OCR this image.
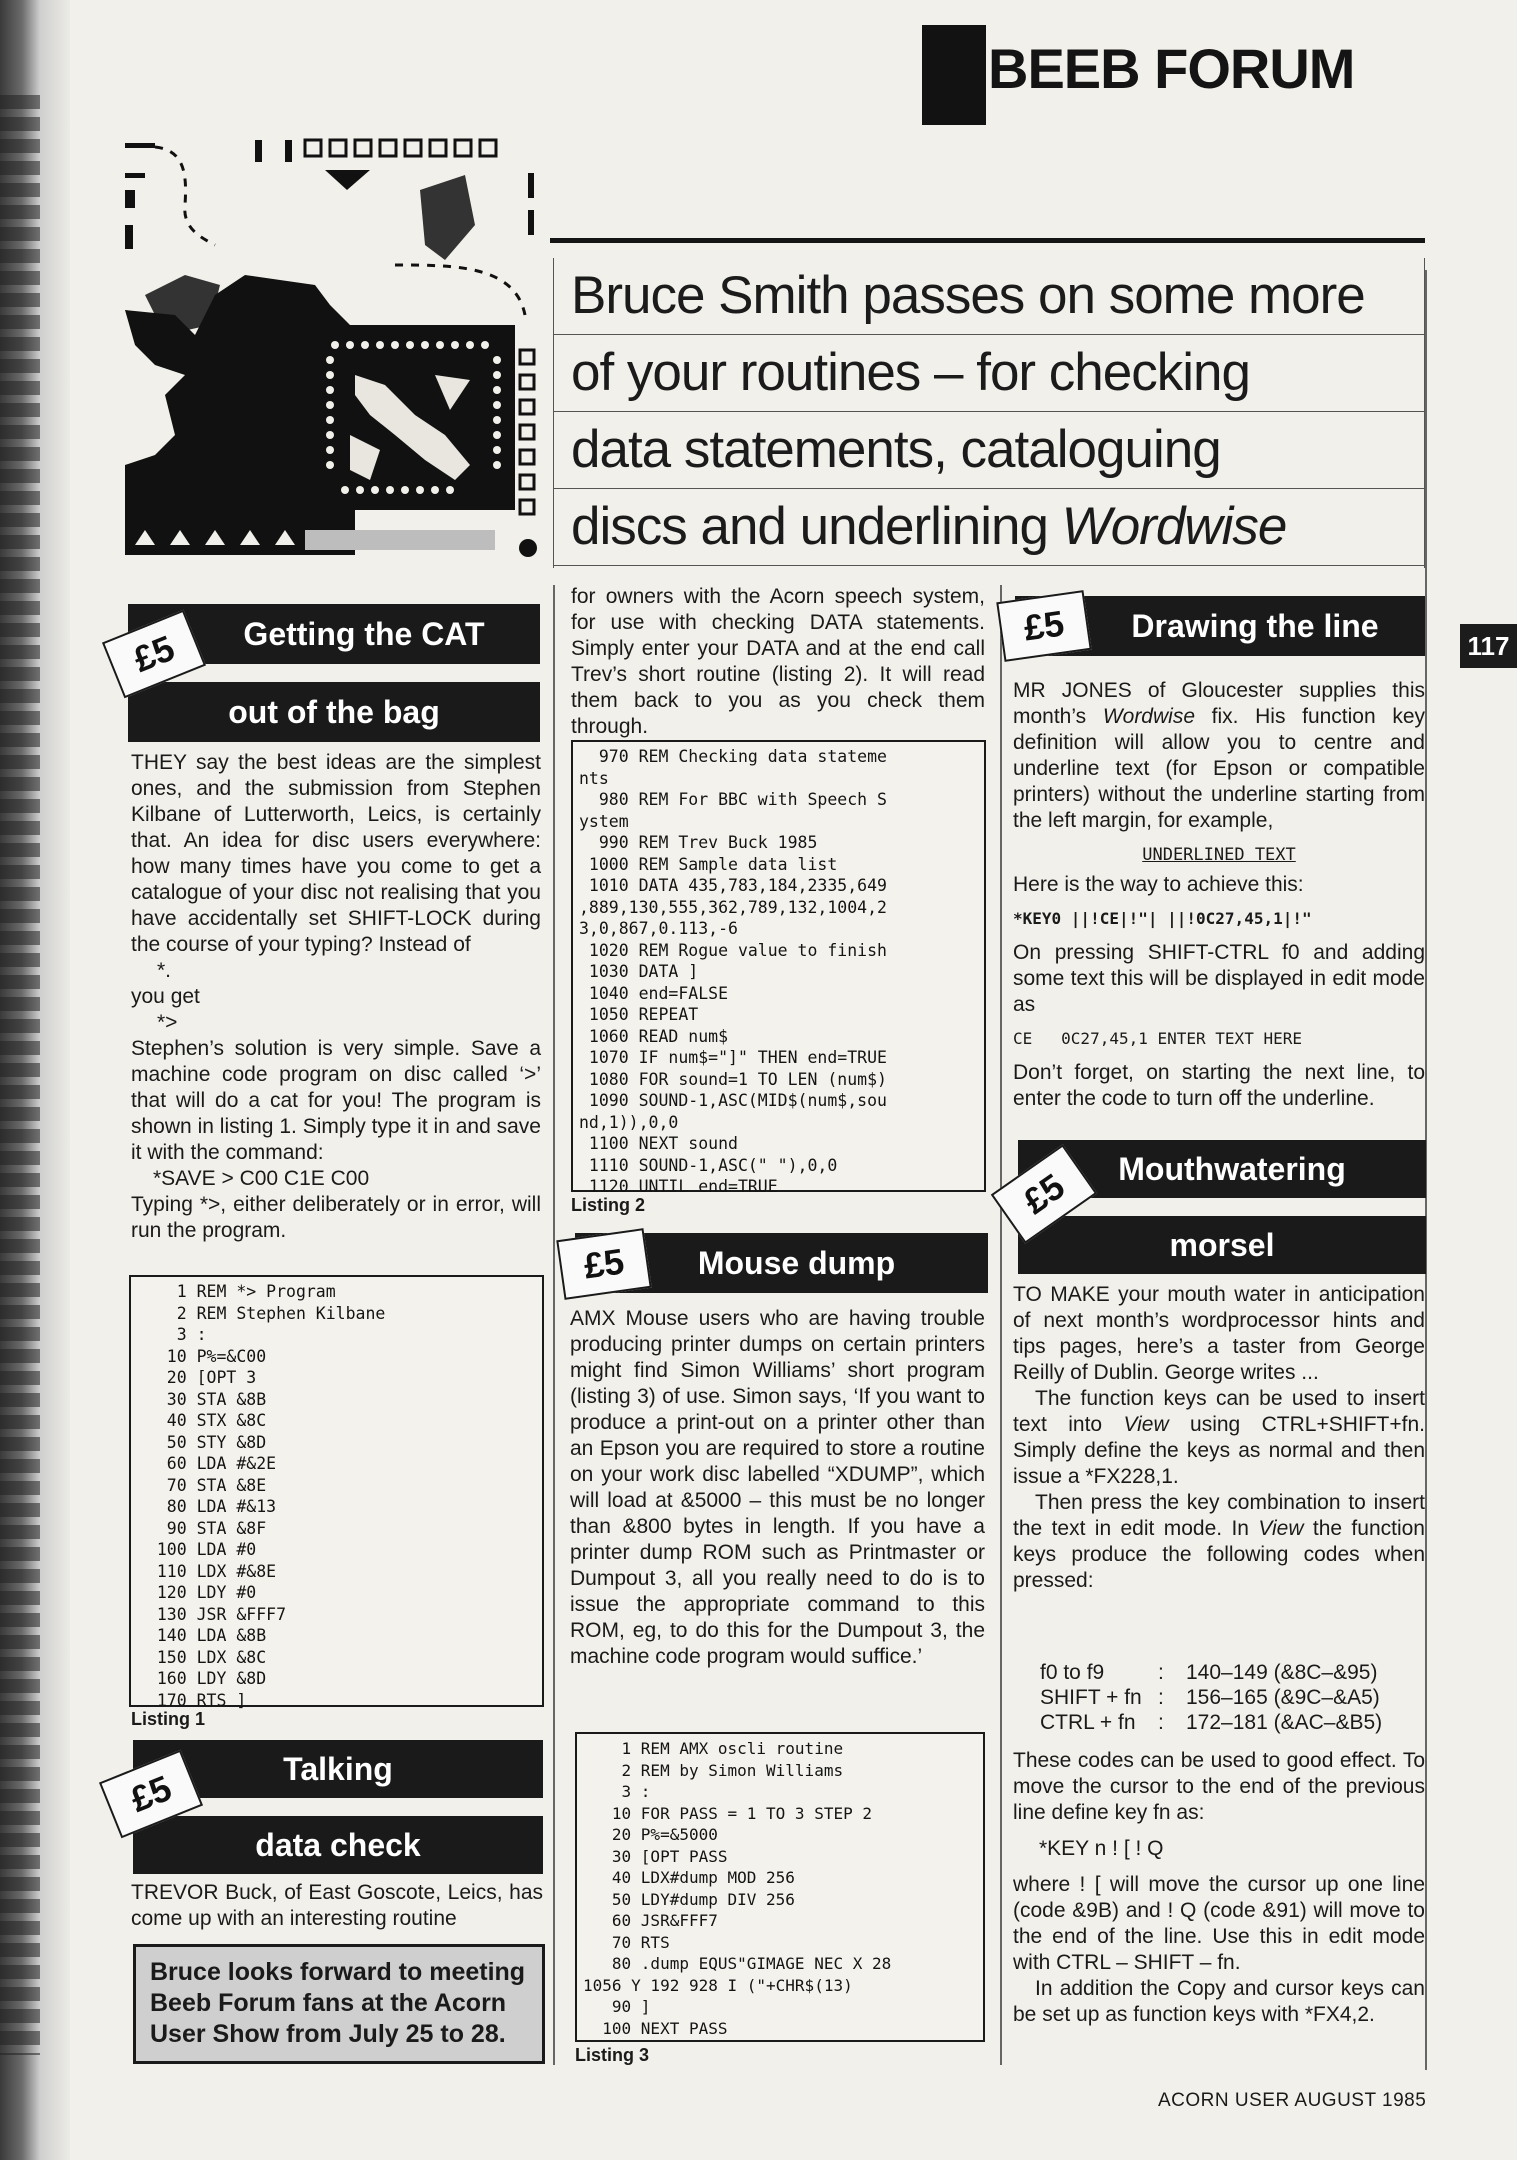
BEEB FORUM
117
Bruce Smith passes on some more
of your routines – for checking
data statements, cataloguing
discs and underlining Wordwise
Getting the CAT
out of the bag
£5

THEY say the best ideas are the simplest ones, and the submission from Stephen Kilbane of Lutterworth, Leics, is certainly that. An idea for disc users everywhere: how many times have you come to get a catalogue of your disc not realising that you have accidentally set SHIFT-LOCK during the course of your typing? Instead of

*.

you get

*>

Stephen’s solution is very simple. Save a machine code program on disc called ‘>’ that will do a cat for you! The program is shown in listing 1. Simply type it in and save it with the command:

*SAVE > C00 C1E C00

Typing *>, either deliberately or in error, will run the program.

1 REM *> Program
2 REM Stephen Kilbane
3 :
10 P%=&C00
20 [OPT 3
30 STA &8B
40 STX &8C
50 STY &8D
60 LDA #&2E
70 STA &8E
80 LDA #&13
90 STA &8F
100 LDA #0
110 LDX #&8E
120 LDY #0
130 JSR &FFF7
140 LDA &8B
150 LDX &8C
160 LDY &8D
170 RTS ]
Listing 1
Talking
data check
£5
TREVOR Buck, of East Goscote, Leics, has come up with an interesting routine
Bruce looks forward to meeting Beeb Forum fans at the Acorn User Show from July 25 to 28.
for owners with the Acorn speech system, for use with checking DATA statements. Simply enter your DATA and at the end call Trev’s short routine (listing 2). It will read them back to you as you check them through.
970 REM Checking data stateme
nts
980 REM For BBC with Speech S
ystem
990 REM Trev Buck 1985
1000 REM Sample data list
1010 DATA 435,783,184,2335,649
,889,130,555,362,789,132,1004,2
3,0,867,0.113,-6
1020 REM Rogue value to finish
1030 DATA ]
1040 end=FALSE
1050 REPEAT
1060 READ num$
1070 IF num$="]" THEN end=TRUE
1080 FOR sound=1 TO LEN (num$)
1090 SOUND-1,ASC(MID$(num$,sou
nd,1)),0,0
1100 NEXT sound
1110 SOUND-1,ASC(" "),0,0
1120 UNTIL end=TRUE
Listing 2
Mouse dump
£5
AMX Mouse users who are having trouble producing printer dumps on certain printers might find Simon Williams’ short program (listing 3) of use. Simon says, ‘If you want to produce a print-out on a printer other than an Epson you are required to store a routine on your work disc labelled “XDUMP”, which will load at &5000 – this must be no longer than &800 bytes in length. If you have a printer dump ROM such as Printmaster or Dumpout 3, all you really need to do is to issue the appropriate command to this ROM, eg, to do this for the Dumpout 3, the machine code program would suffice.’
1 REM AMX oscli routine
2 REM by Simon Williams
3 :
10 FOR PASS = 1 TO 3 STEP 2
20 P%=&5000
30 [OPT PASS
40 LDX#dump MOD 256
50 LDY#dump DIV 256
60 JSR&FFF7
70 RTS
80 .dump EQUS"GIMAGE NEC X 28
1056 Y 192 928 I ("+CHR$(13)
90 ]
100 NEXT PASS
Listing 3
Drawing the line
£5

MR JONES of Gloucester supplies this month’s Wordwise fix. His function key definition will allow you to centre and underline text (for Epson or compatible printers) without the underline starting from the left margin, for example,

UNDERLINED TEXT

Here is the way to achieve this:

*KEY0 ||!CE|!"| ||!0C27,45,1|!"

On pressing SHIFT-CTRL f0 and adding some text this will be displayed in edit mode as

CE   0C27,45,1 ENTER TEXT HERE

Don’t forget, on starting the next line, to enter the code to turn off the underline.

Mouthwatering
morsel
£5

TO MAKE your mouth water in anticipation of next month’s wordprocessor hints and tips pages, here’s a taster from George Reilly of Dublin. George writes ...

The function keys can be used to insert text into View using CTRL+SHIFT+fn. Simply define the keys as normal and then issue a *FX228,1.

Then press the key combination to insert the text in edit mode. In View the function keys produce the following codes when pressed:

f0 to f9	:	140–149 (&8C–&95)
SHIFT + fn :	156–165 (&9C–&A5)
CTRL + fn	:	172–181 (&AC–&B5)

These codes can be used to good effect. To move the cursor to the end of the previous line define key fn as:

*KEY n ! [ ! Q

where ! [ will move the cursor up one line (code &9B) and ! Q (code &91) will move to the end of the line. Use this in edit mode with CTRL – SHIFT – fn.

In addition the Copy and cursor keys can be set up as function keys with *FX4,2.

ACORN USER AUGUST 1985
